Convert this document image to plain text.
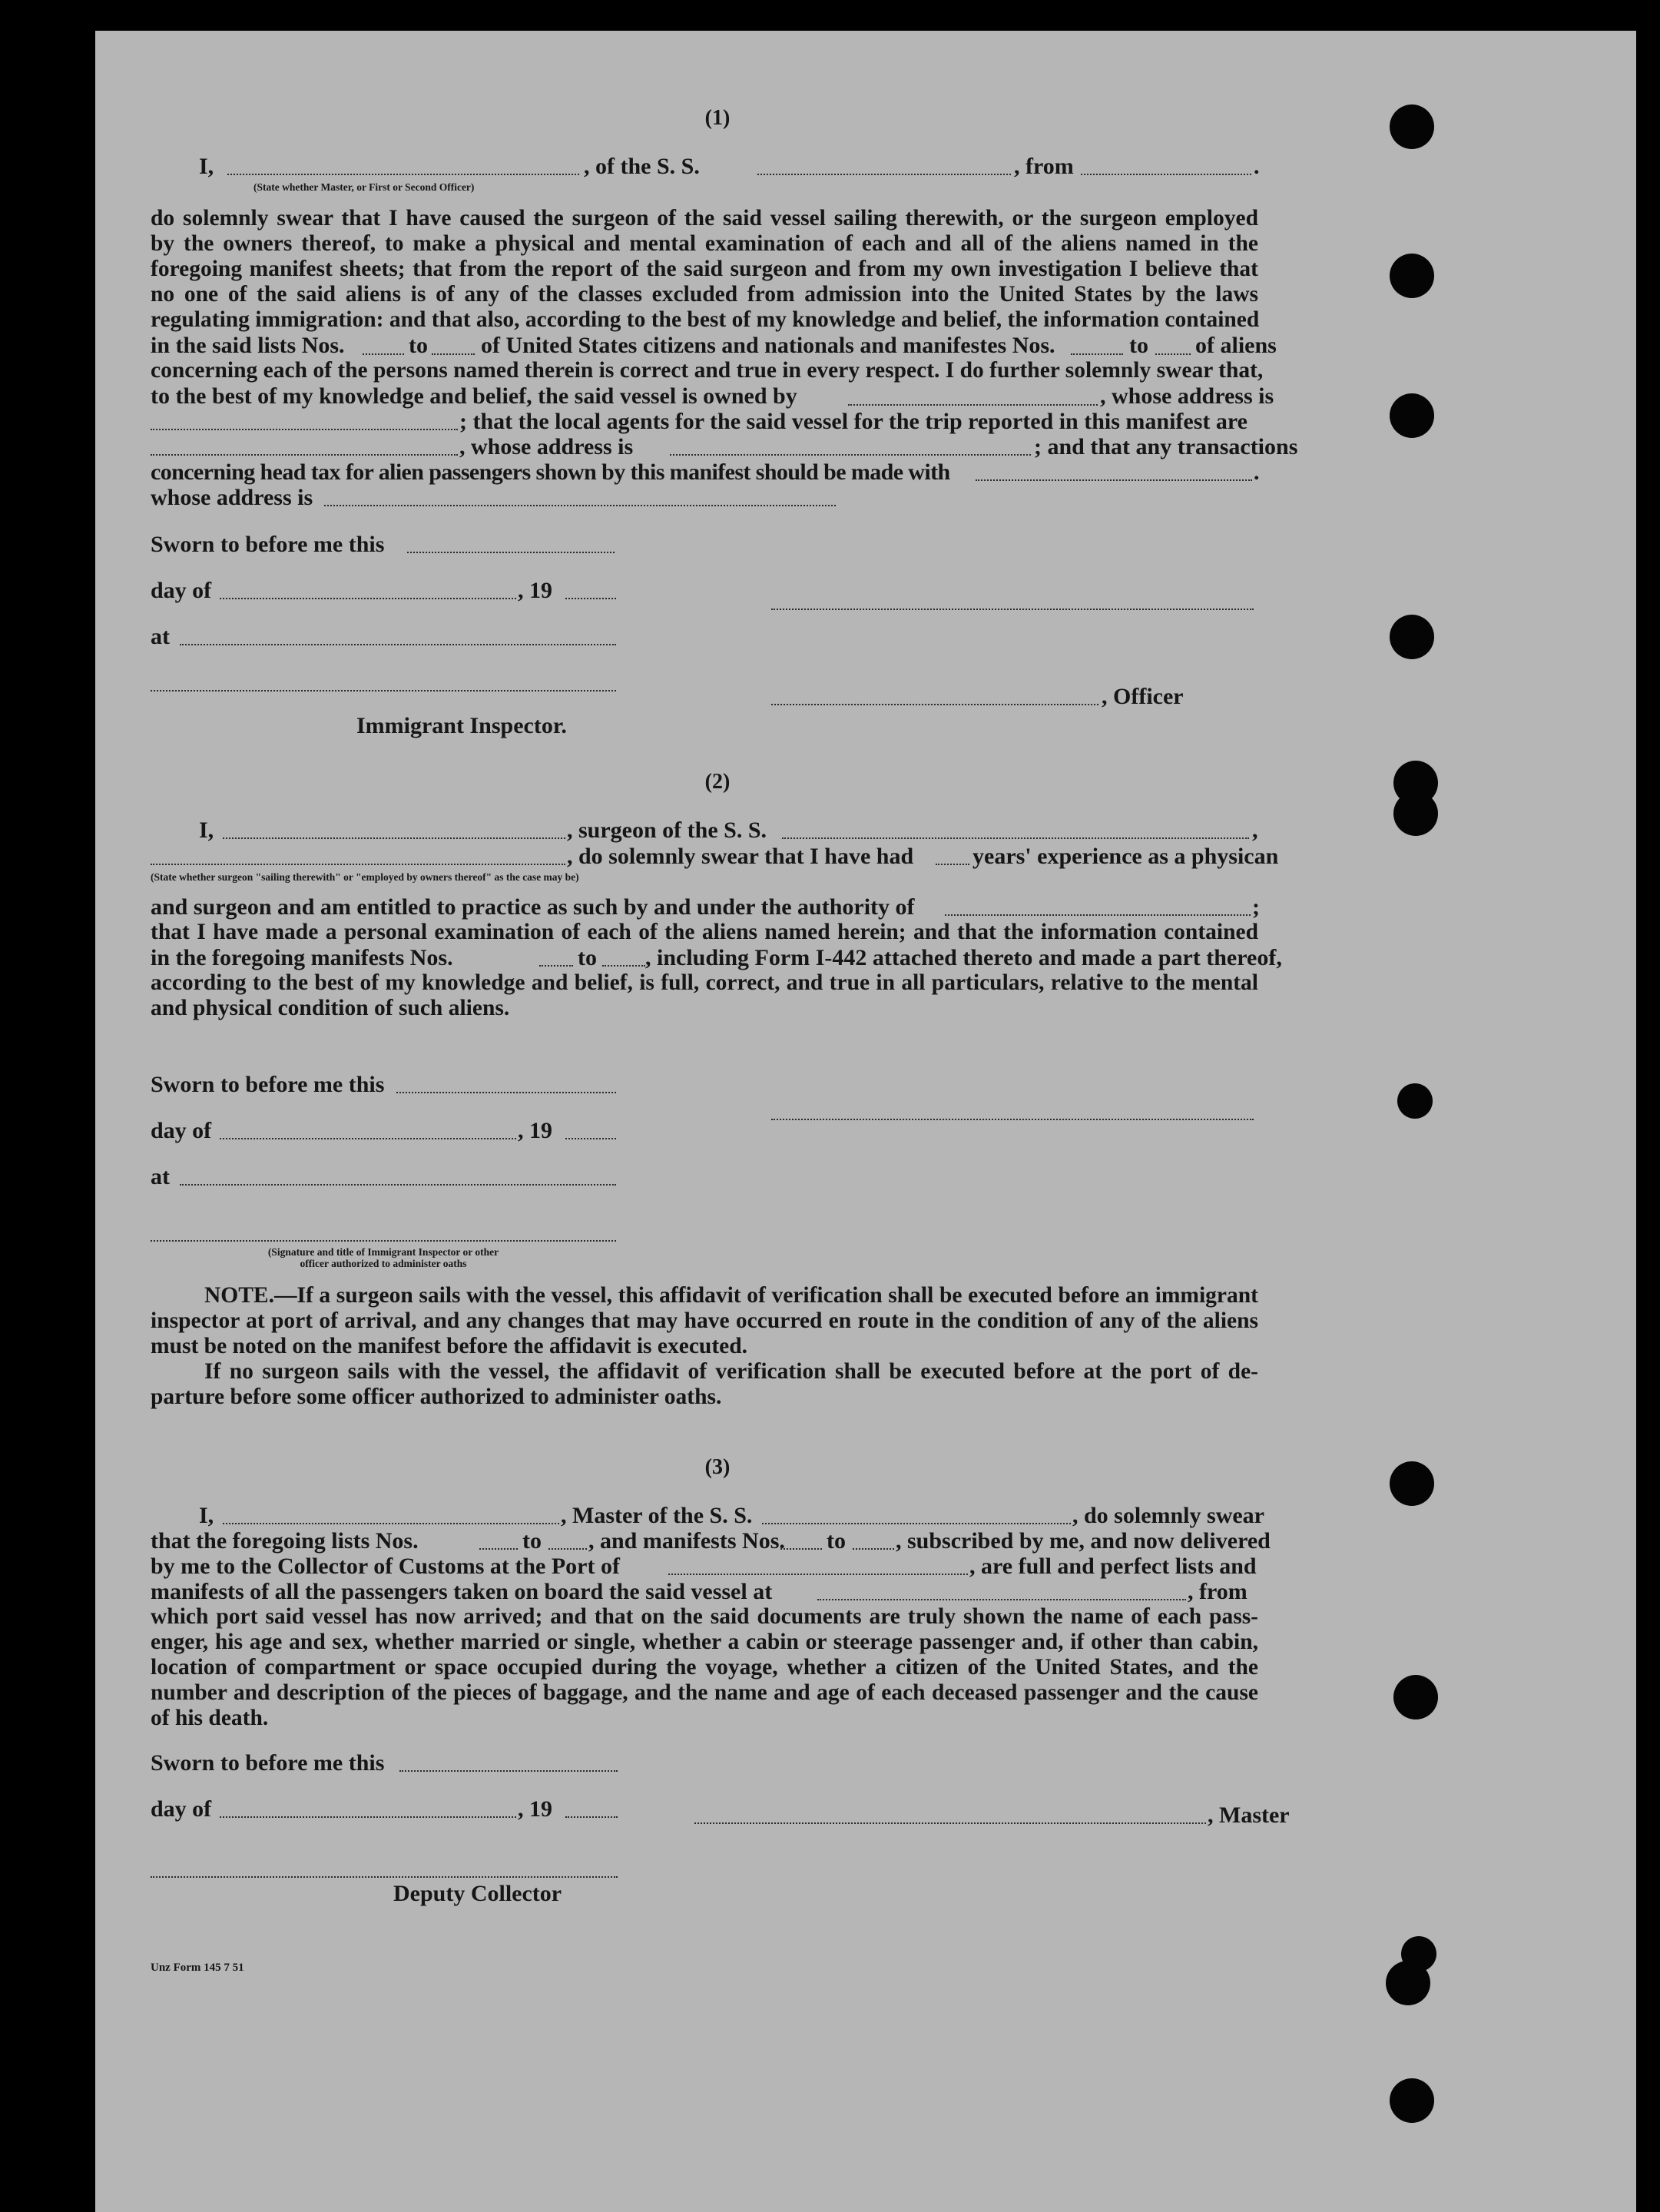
(1)
I,	, of the S. S.	, from	.
(State whether Master, or First or Second Officer)
do solemnly swear that I have caused the surgeon of the said vessel sailing therewith, or the surgeon employed
by the owners thereof, to make a physical and mental examination of each and all of the aliens named in the
foregoing manifest sheets; that from the report of the said surgeon and from my own investigation I believe that
no one of the said aliens is of any of the classes excluded from admission into the United States by the laws
regulating immigration: and that also, according to the best of my knowledge and belief, the information contained
in the said lists Nos.	to of United States citizens and nationals and manifestes Nos.	to of aliens
concerning each of the persons named therein is correct and true in every respect. I do further solemnly swear that,
to the best of my knowledge and belief, the said vessel is owned by	, whose address is
; that the local agents for the said vessel for the trip reported in this manifest are
, whose address is	; and that any transactions
concerning head tax for alien passengers shown by this manifest should be made with	.
whose address is
Sworn to before me this
day of	, 19
at
, Officer
Immigrant Inspector.
(2)
I,	, surgeon of the S. S.	,
, do solemnly swear that I have had	years' experience as a physican
(State whether surgeon "sailing therewith" or "employed by owners thereof" as the case may be)
and surgeon and am entitled to practice as such by and under the authority of	;
that I have made a personal examination of each of the aliens named herein; and that the information contained
in the foregoing manifests Nos.	to , including Form I-442 attached thereto and made a part thereof,
according to the best of my knowledge and belief, is full, correct, and true in all particulars, relative to the mental
and physical condition of such aliens.
Sworn to before me this
day of	, 19
at
(Signature and title of Immigrant Inspector or other
officer authorized to administer oaths
NOTE.—If a surgeon sails with the vessel, this affidavit of verification shall be executed before an immigrant
inspector at port of arrival, and any changes that may have occurred en route in the condition of any of the aliens
must be noted on the manifest before the affidavit is executed.
If no surgeon sails with the vessel, the affidavit of verification shall be executed before at the port of de-
parture before some officer authorized to administer oaths.
(3)
I,	, Master of the S. S.	, do solemnly swear
that the foregoing lists Nos.	to , and manifests Nos. to , subscribed by me, and now delivered
by me to the Collector of Customs at the Port of	, are full and perfect lists and
manifests of all the passengers taken on board the said vessel at	, from
which port said vessel has now arrived; and that on the said documents are truly shown the name of each pass-
enger, his age and sex, whether married or single, whether a cabin or steerage passenger and, if other than cabin,
location of compartment or space occupied during the voyage, whether a citizen of the United States, and the
number and description of the pieces of baggage, and the name and age of each deceased passenger and the cause
of his death.
Sworn to before me this
day of	, 19	, Master
Deputy Collector
Unz Form 145 7 51
